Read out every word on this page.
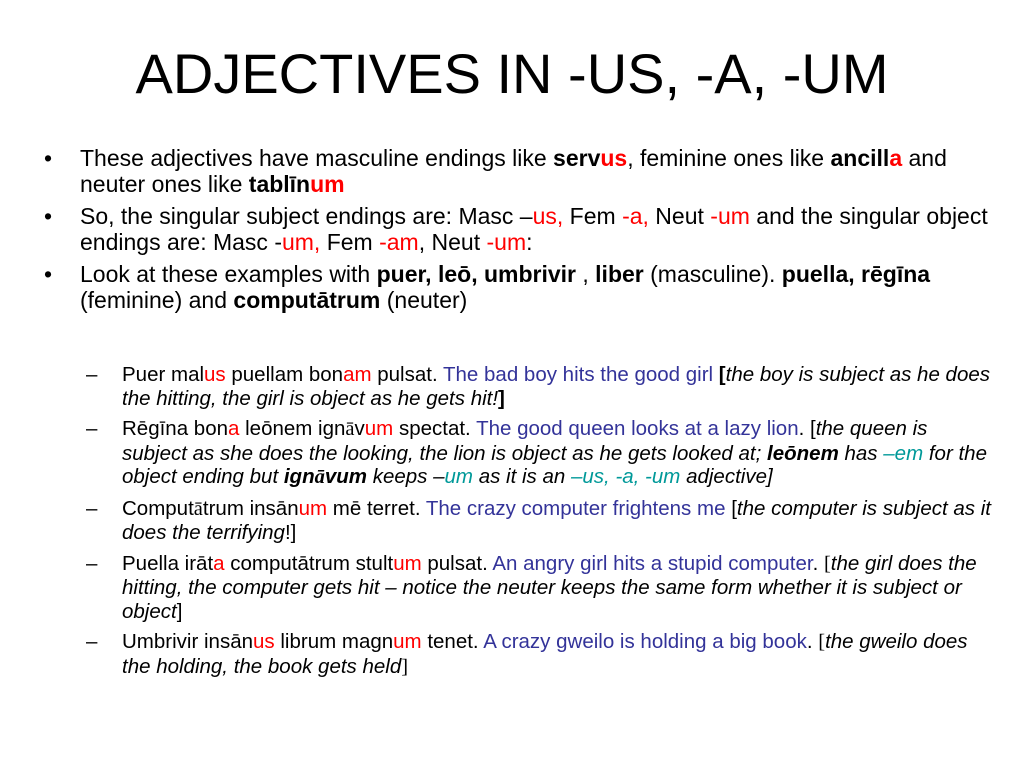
ADJECTIVES IN -US, -A, -UM
• These adjectives have masculine endings like servus, feminine ones like ancilla and neuter ones like tablīnum
• So, the singular subject endings are: Masc –us, Fem -a, Neut -um and the singular object endings are: Masc -um, Fem -am, Neut -um:
• Look at these examples with puer, leō, umbrivir , liber (masculine). puella, rēgīna (feminine) and computātrum (neuter)
– Puer malus puellam bonam pulsat. The bad boy hits the good girl [the boy is subject as he does the hitting, the girl is object as he gets hit!]
– Rēgīna bona leōnem ignāvum spectat. The good queen looks at a lazy lion. [the queen is subject as she does the looking, the lion is object as he gets looked at; leōnem has –em for the object ending but ignāvum keeps –um as it is an –us, -a, -um adjective]
– Computātrum insānum mē terret. The crazy computer frightens me [the computer is subject as it does the terrifying!]
– Puella irāta computātrum stultum pulsat. An angry girl hits a stupid computer. [the girl does the hitting, the computer gets hit – notice the neuter keeps the same form whether it is subject or object]
– Umbrivir insānus librum magnum tenet. A crazy gweilo is holding a big book. [the gweilo does the holding, the book gets held]
